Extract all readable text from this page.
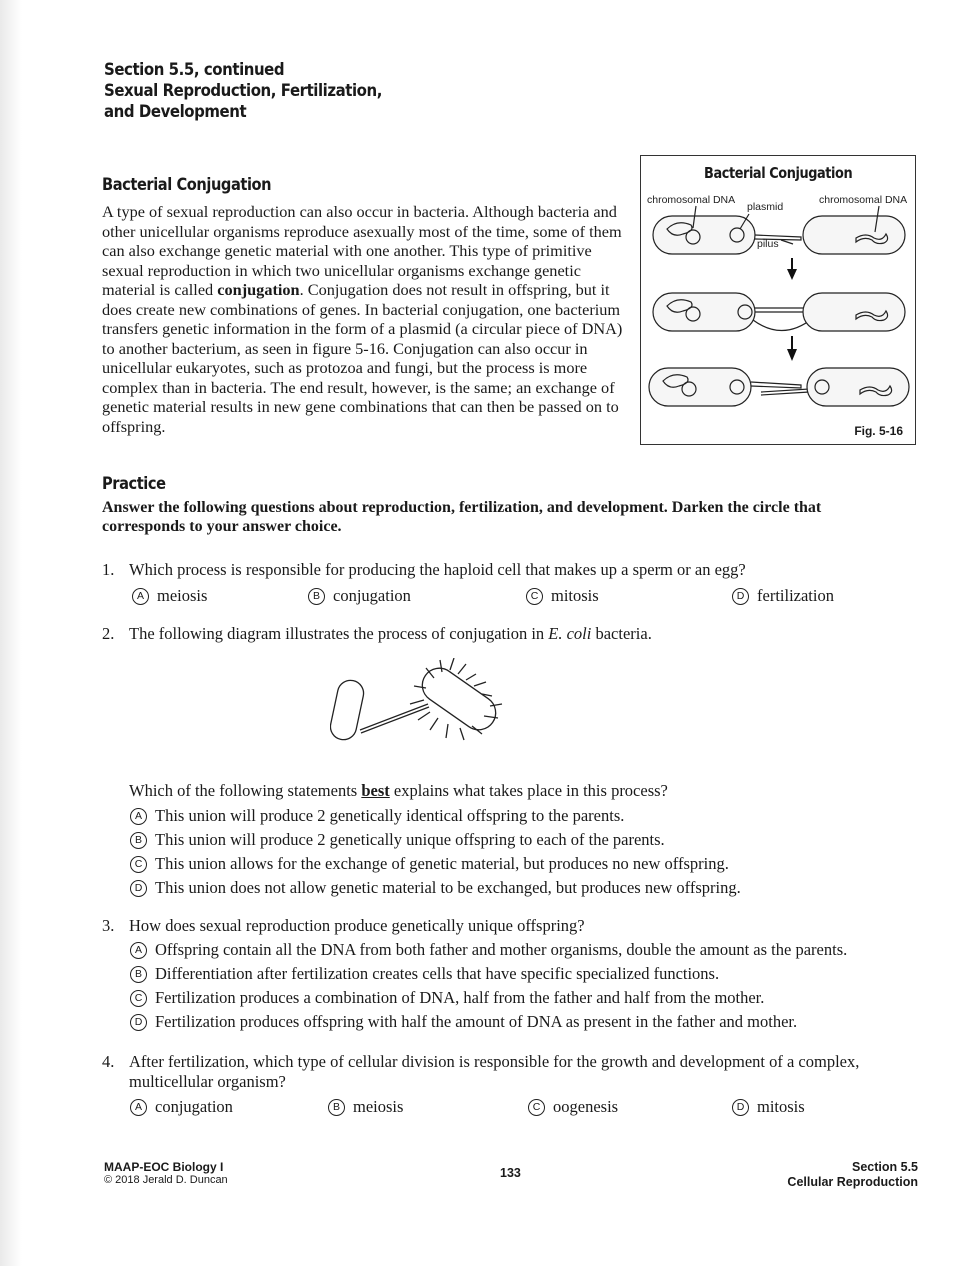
Section 5.5, continued
Sexual Reproduction, Fertilization,
and Development
Bacterial Conjugation
A type of sexual reproduction can also occur in bacteria. Although bacteria and other unicellular organisms reproduce asexually most of the time, some of them can also exchange genetic material with one another. This type of primitive sexual reproduction in which two unicellular organisms exchange genetic material is called conjugation. Conjugation does not result in offspring, but it does create new combinations of genes. In bacterial conjugation, one bacterium transfers genetic information in the form of a plasmid (a circular piece of DNA) to another bacterium, as seen in figure 5-16. Conjugation can also occur in unicellular eukaryotes, such as protozoa and fungi, but the process is more complex than in bacteria. The end result, however, is the same; an exchange of genetic material results in new gene combinations that can then be passed on to offspring.
Bacterial Conjugation
chromosomal DNA
plasmid
chromosomal DNA
pilus
Fig. 5-16
Practice
Answer the following questions about reproduction, fertilization, and development. Darken the circle that corresponds to your answer choice.
1. Which process is responsible for producing the haploid cell that makes up a sperm or an egg?
A meiosis	B conjugation	C mitosis	D fertilization
2. The following diagram illustrates the process of conjugation in E. coli bacteria.
Which of the following statements best explains what takes place in this process?
A This union will produce 2 genetically identical offspring to the parents.
B This union will produce 2 genetically unique offspring to each of the parents.
C This union allows for the exchange of genetic material, but produces no new offspring.
D This union does not allow genetic material to be exchanged, but produces new offspring.
3. How does sexual reproduction produce genetically unique offspring?
A Offspring contain all the DNA from both father and mother organisms, double the amount as the parents.
B Differentiation after fertilization creates cells that have specific specialized functions.
C Fertilization produces a combination of DNA, half from the father and half from the mother.
D Fertilization produces offspring with half the amount of DNA as present in the father and mother.
4. After fertilization, which type of cellular division is responsible for the growth and development of a complex,
multicellular organism?
A conjugation	B meiosis	C oogenesis	D mitosis
MAAP-EOC Biology I
© 2018 Jerald D. Duncan	133	Section 5.5
Cellular Reproduction
